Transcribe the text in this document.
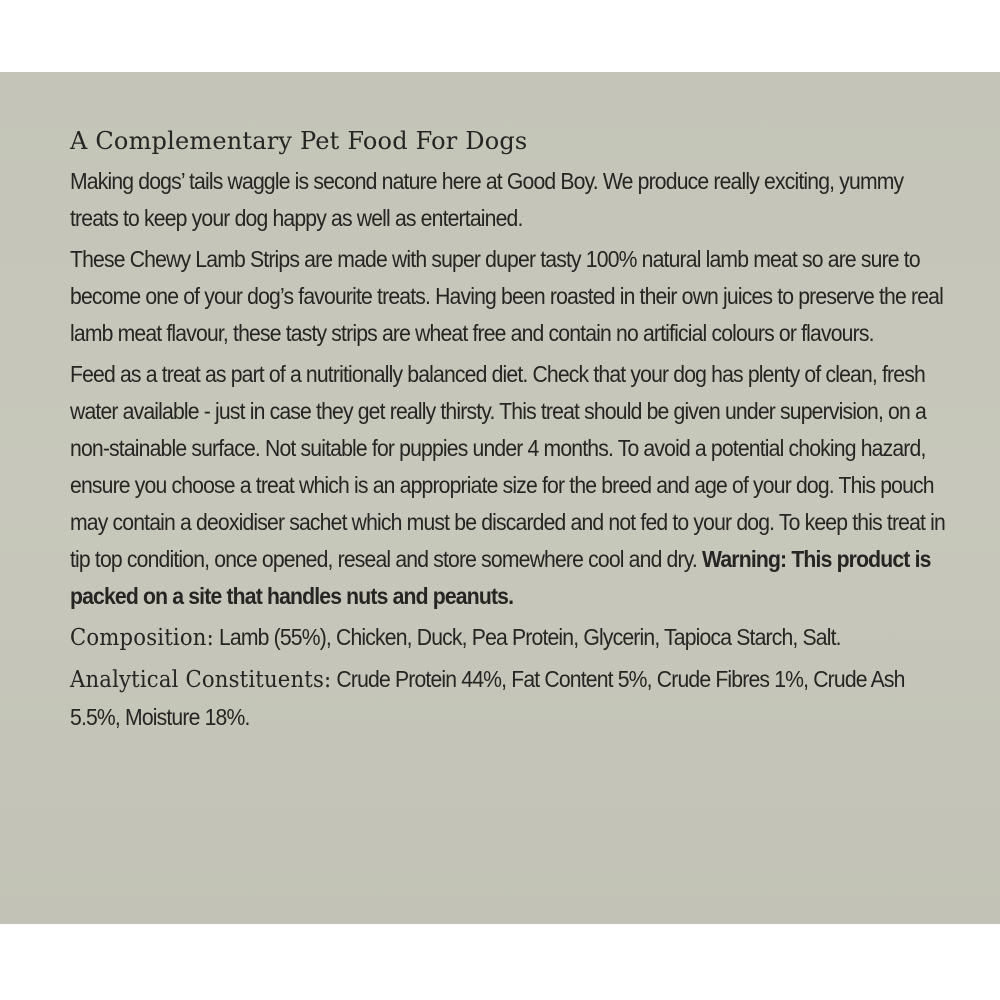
A Complementary Pet Food For Dogs

Making dogs’ tails waggle is second nature here at Good Boy. We produce really exciting, yummy treats to keep your dog happy as well as entertained.

These Chewy Lamb Strips are made with super duper tasty 100% natural lamb meat so are sure to become one of your dog’s favourite treats. Having been roasted in their own juices to preserve the real lamb meat flavour, these tasty strips are wheat free and contain no artificial colours or flavours.

Feed as a treat as part of a nutritionally balanced diet. Check that your dog has plenty of clean, fresh water available - just in case they get really thirsty. This treat should be given under supervision, on a non-stainable surface. Not suitable for puppies under 4 months. To avoid a potential choking hazard, ensure you choose a treat which is an appropriate size for the breed and age of your dog. This pouch may contain a deoxidiser sachet which must be discarded and not fed to your dog. To keep this treat in tip top condition, once opened, reseal and store somewhere cool and dry. Warning: This product is packed on a site that handles nuts and peanuts.

Composition: Lamb (55%), Chicken, Duck, Pea Protein, Glycerin, Tapioca Starch, Salt.

Analytical Constituents: Crude Protein 44%, Fat Content 5%, Crude Fibres 1%, Crude Ash 5.5%, Moisture 18%.
